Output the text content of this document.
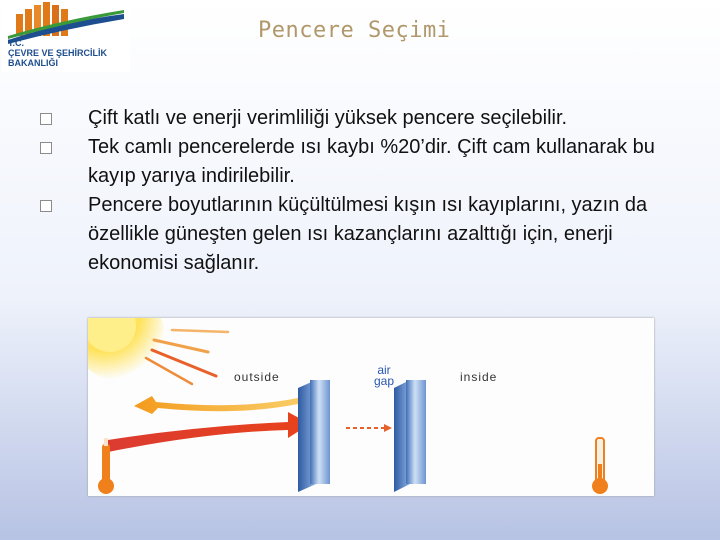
T.C.
ÇEVRE VE ŞEHİRCİLİK
BAKANLIĞI
Pencere Seçimi
Çift katlı ve enerji verimliliği yüksek pencere seçilebilir.
Tek camlı pencerelerde ısı kaybı %20’dir. Çift cam kullanarak bu kayıp yarıya indirilebilir.
Pencere boyutlarının küçültülmesi kışın ısı kayıplarını, yazın da özellikle güneşten gelen ısı kazançlarını azalttığı için, enerji ekonomisi sağlanır.
outside	air
gap	inside
